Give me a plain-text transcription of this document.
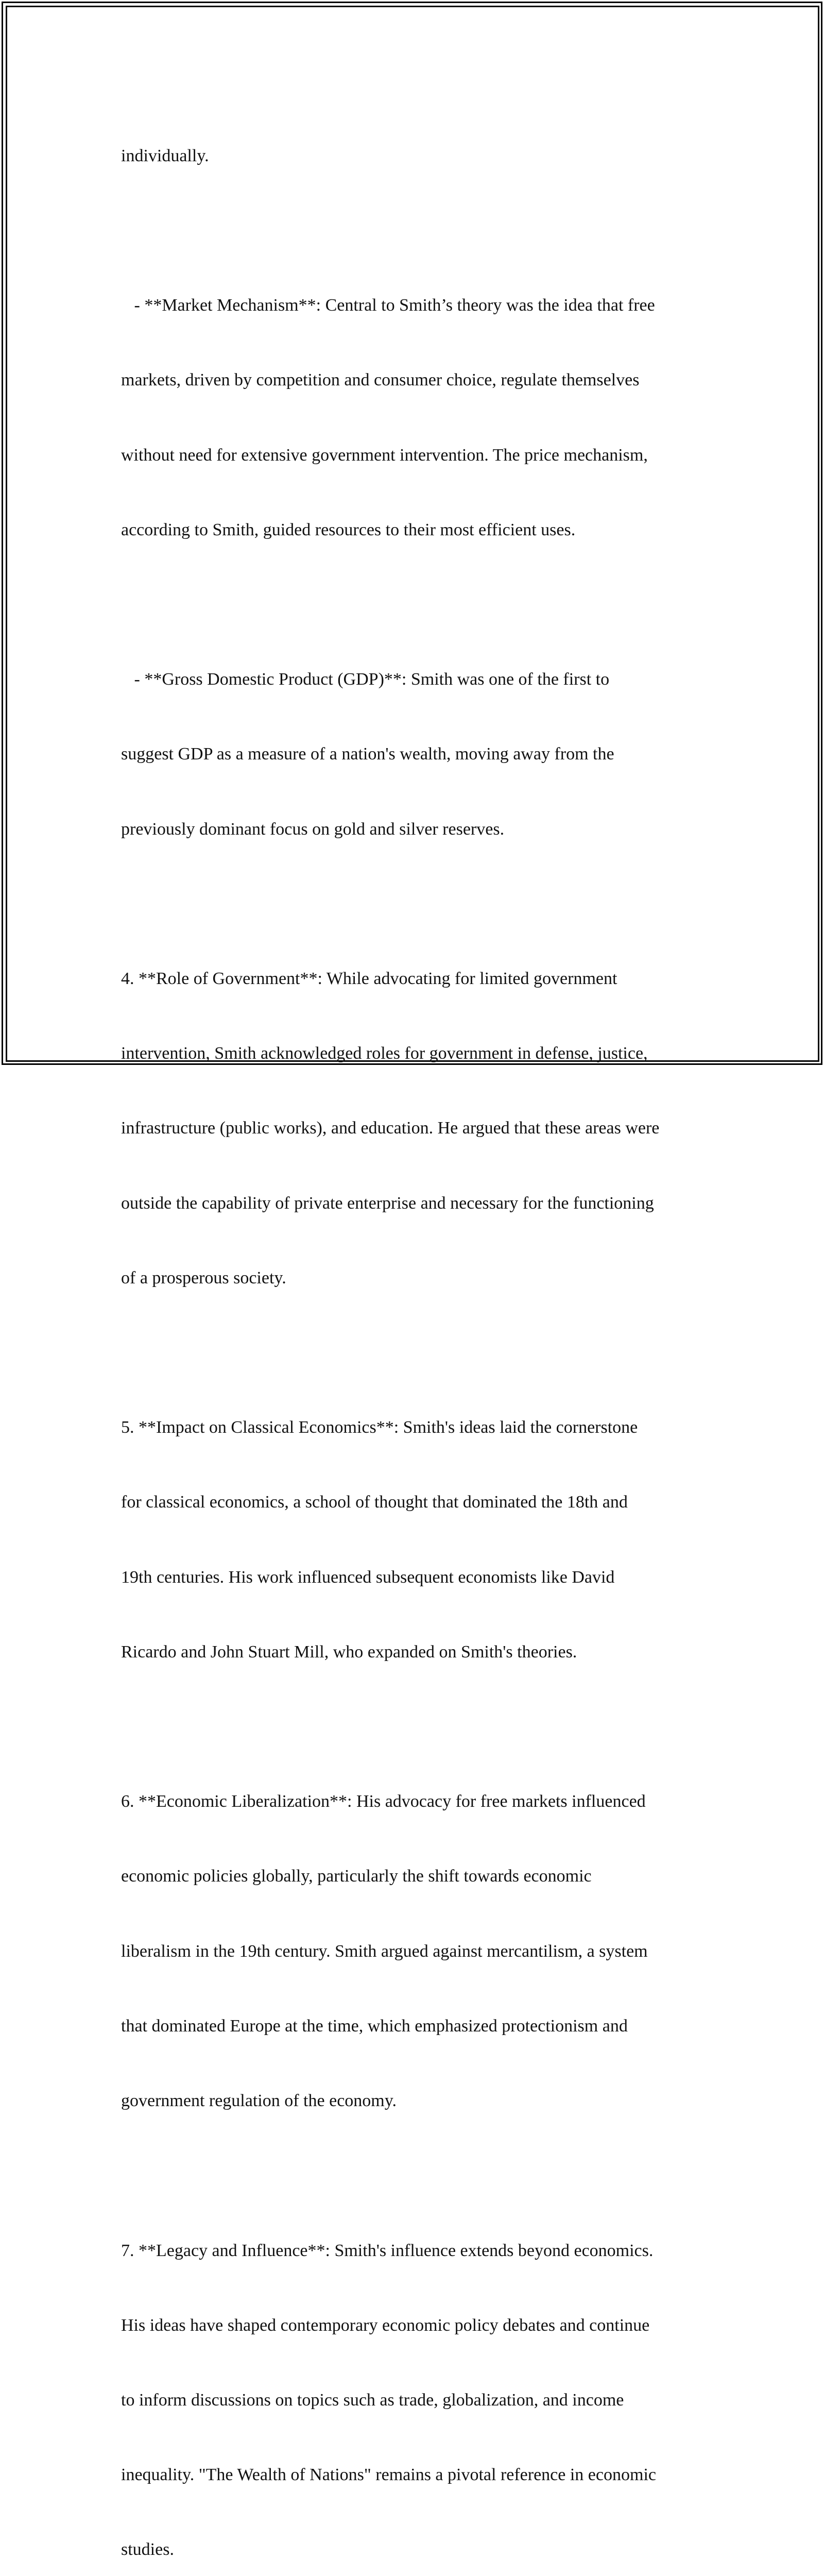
individually.

- **Market Mechanism**: Central to Smith’s theory was the idea that free

markets, driven by competition and consumer choice, regulate themselves

without need for extensive government intervention. The price mechanism,

according to Smith, guided resources to their most efficient uses.

- **Gross Domestic Product (GDP)**: Smith was one of the first to

suggest GDP as a measure of a nation's wealth, moving away from the

previously dominant focus on gold and silver reserves.

4. **Role of Government**: While advocating for limited government

intervention, Smith acknowledged roles for government in defense, justice,

infrastructure (public works), and education. He argued that these areas were

outside the capability of private enterprise and necessary for the functioning

of a prosperous society.

5. **Impact on Classical Economics**: Smith's ideas laid the cornerstone

for classical economics, a school of thought that dominated the 18th and

19th centuries. His work influenced subsequent economists like David

Ricardo and John Stuart Mill, who expanded on Smith's theories.

6. **Economic Liberalization**: His advocacy for free markets influenced

economic policies globally, particularly the shift towards economic

liberalism in the 19th century. Smith argued against mercantilism, a system

that dominated Europe at the time, which emphasized protectionism and

government regulation of the economy.

7. **Legacy and Influence**: Smith's influence extends beyond economics.

His ideas have shaped contemporary economic policy debates and continue

to inform discussions on topics such as trade, globalization, and income

inequality. "The Wealth of Nations" remains a pivotal reference in economic

studies.
